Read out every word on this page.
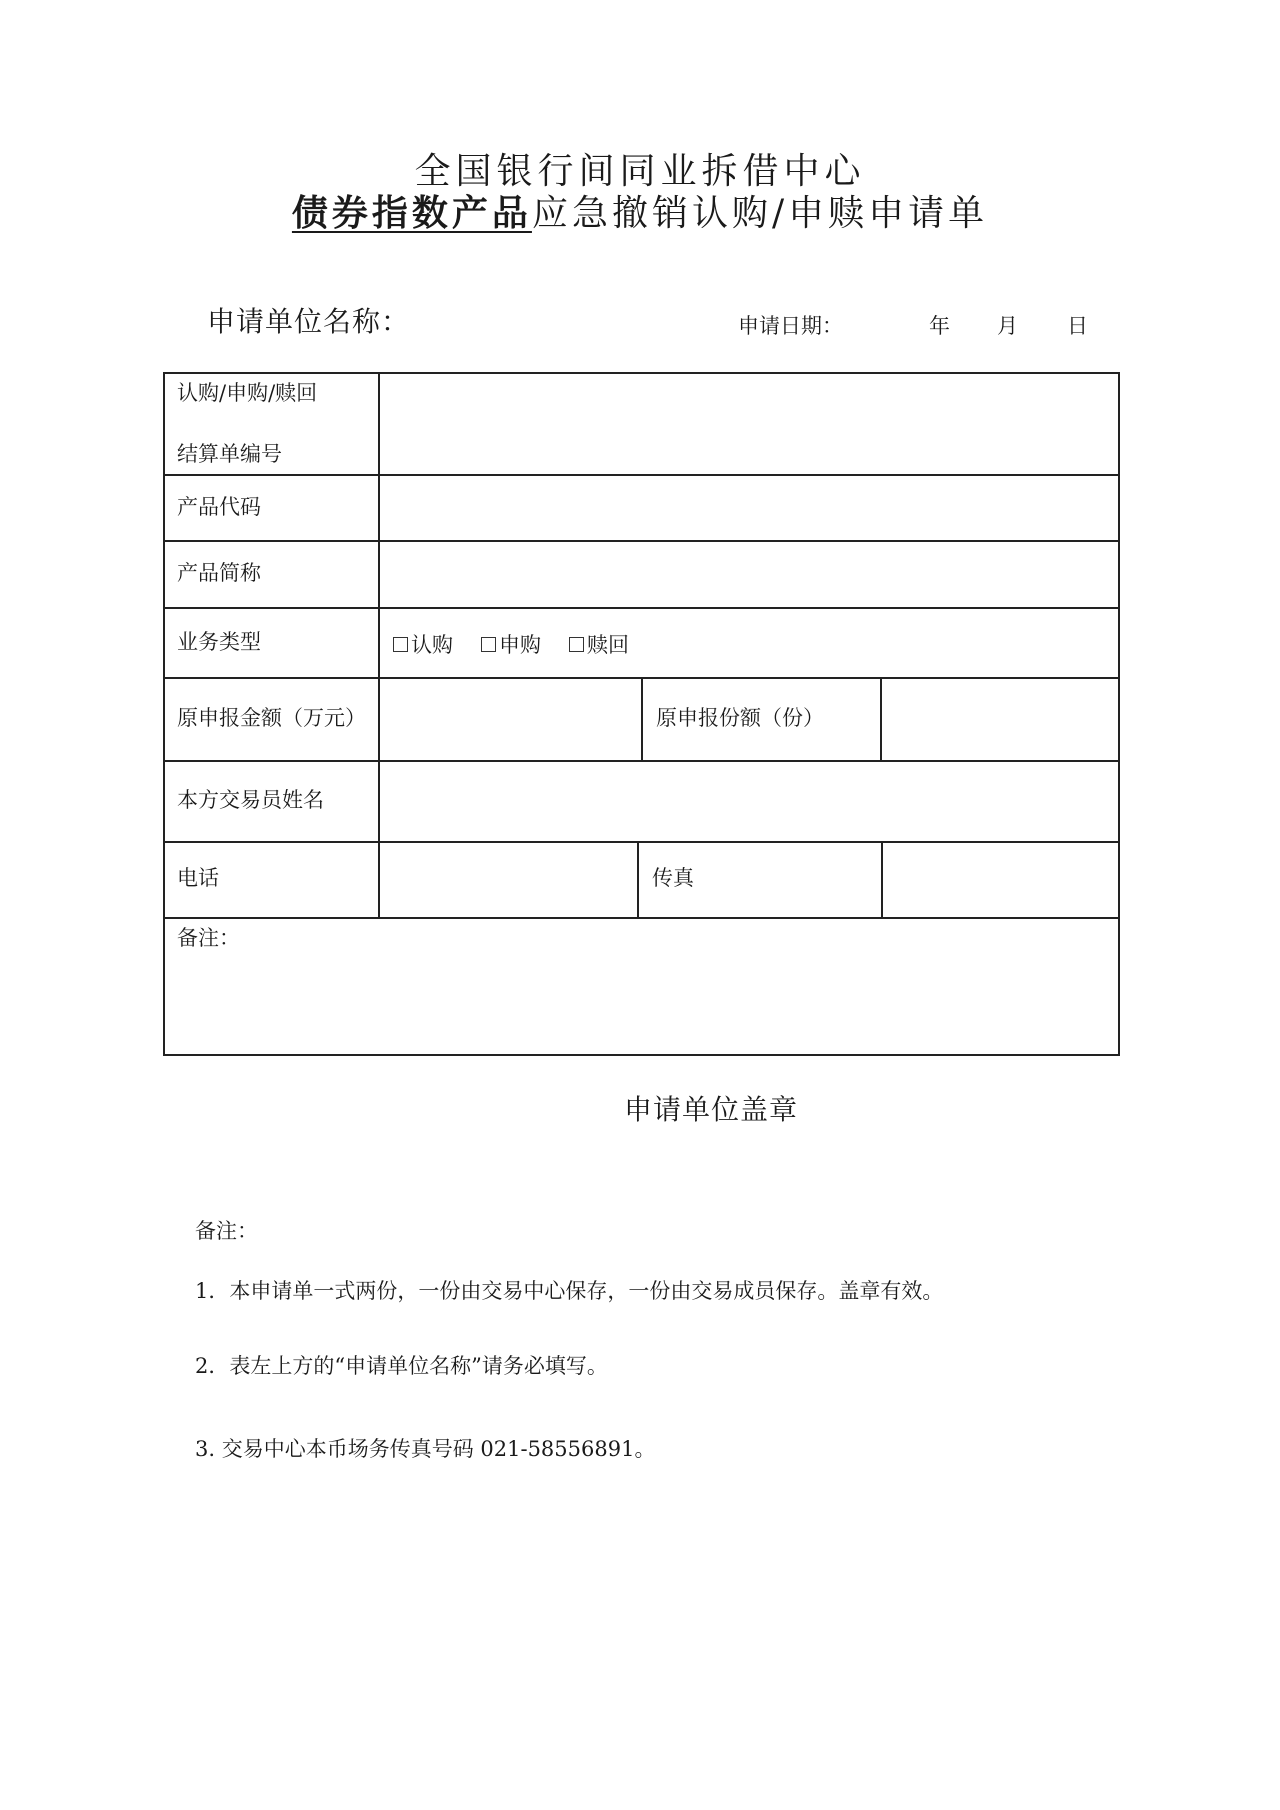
全国银行间同业拆借中心
债券指数产品应急撤销认购/申赎申请单
申请单位名称：	申请日期：	年 月 日
认购/申购/赎回
结算单编号
产品代码
产品简称
业务类型	认购 申购 赎回
原申报金额（万元）	原申报份额（份）
本方交易员姓名
电话	传真
备注：
申请单位盖章
备注：
1．本申请单一式两份，一份由交易中心保存，一份由交易成员保存。盖章有效。
2．表左上方的“申请单位名称”请务必填写。
3. 交易中心本币场务传真号码 021-58556891。
